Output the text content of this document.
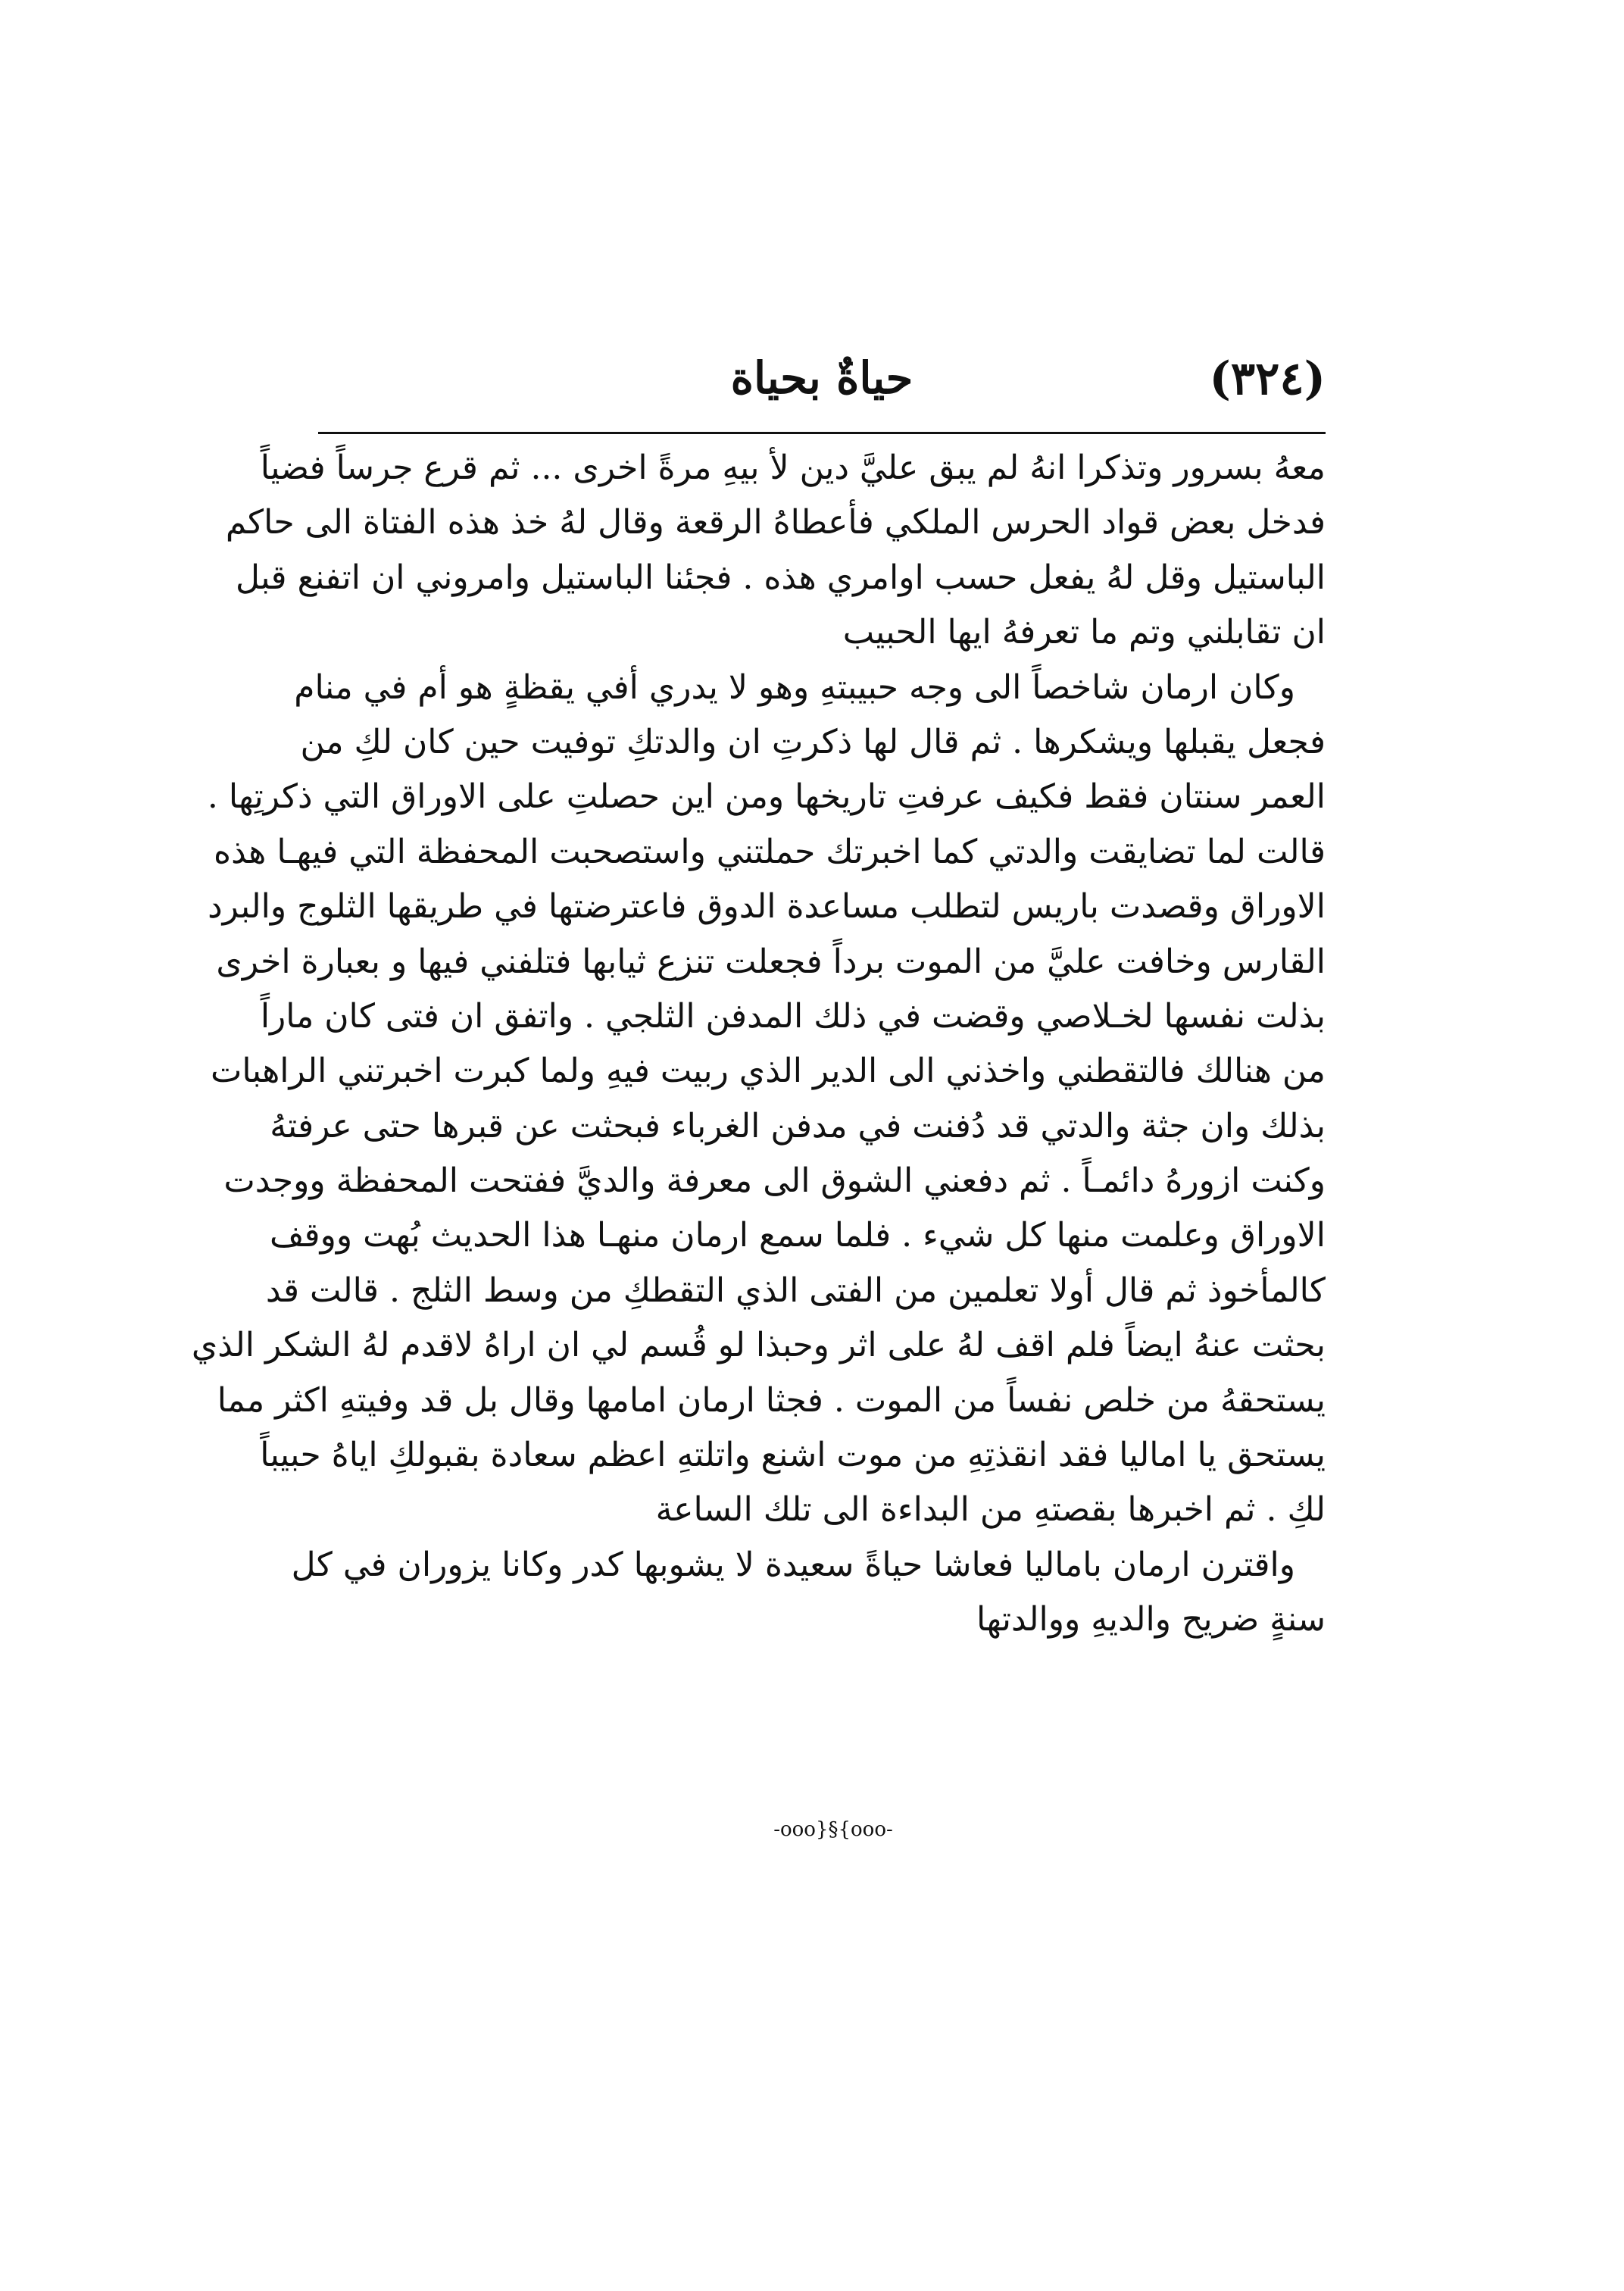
(٣٢٤)
حياةٌ بحياة
معهُ بسرور وتذكرا انهُ لم يبق عليَّ دين لأ بيهِ مرةً اخرى ... ثم قرع جرساً فضياً
فدخل بعض قواد الحرس الملكي فأعطاهُ الرقعة وقال لهُ خذ هذه الفتاة الى حاكم
الباستيل وقل لهُ يفعل حسب اوامري هذه . فجئنا الباستيل وامروني ان اتفنع قبل
ان تقابلني وتم ما تعرفهُ ايها الحبيب
وكان ارمان شاخصاً الى وجه حبيبتهِ وهو لا يدري أفي يقظةٍ هو أم في منام
فجعل يقبلها ويشكرها . ثم قال لها ذكرتِ ان والدتكِ توفيت حين كان لكِ من
العمر سنتان فقط فكيف عرفتِ تاريخها ومن اين حصلتِ على الاوراق التي ذكرتِها .
قالت لما تضايقت والدتي كما اخبرتك حملتني واستصحبت المحفظة التي فيهـا هذه
الاوراق وقصدت باريس لتطلب مساعدة الدوق فاعترضتها في طريقها الثلوج والبرد
القارس وخافت عليَّ من الموت برداً فجعلت تنزع ثيابها فتلفني فيها و بعبارة اخرى
بذلت نفسها لخـلاصي وقضت في ذلك المدفن الثلجي . واتفق ان فتى كان ماراً
من هنالك فالتقطني واخذني الى الدير الذي ربيت فيهِ ولما كبرت اخبرتني الراهبات
بذلك وان جثة والدتي قد دُفنت في مدفن الغرباء فبحثت عن قبرها حتى عرفتهُ
وكنت ازورهُ دائمـاً . ثم دفعني الشوق الى معرفة والديَّ ففتحت المحفظة ووجدت
الاوراق وعلمت منها كل شيء . فلما سمع ارمان منهـا هذا الحديث بُهت ووقف
كالمأخوذ ثم قال أولا تعلمين من الفتى الذي التقطكِ من وسط الثلج . قالت قد
بحثت عنهُ ايضاً فلم اقف لهُ على اثر وحبذا لو قُسم لي ان اراهُ لاقدم لهُ الشكر الذي
يستحقهُ من خلص نفساً من الموت . فجثا ارمان امامها وقال بل قد وفيتهِ اكثر مما
يستحق يا اماليا فقد انقذتِهِ من موت اشنع واتلتهِ اعظم سعادة بقبولكِ اياهُ حبيباً
لكِ . ثم اخبرها بقصتهِ من البداءة الى تلك الساعة
واقترن ارمان باماليا فعاشا حياةً سعيدة لا يشوبها كدر وكانا يزوران في كل
سنةٍ ضريح والديهِ ووالدتها
-ooo}§{ooo-
